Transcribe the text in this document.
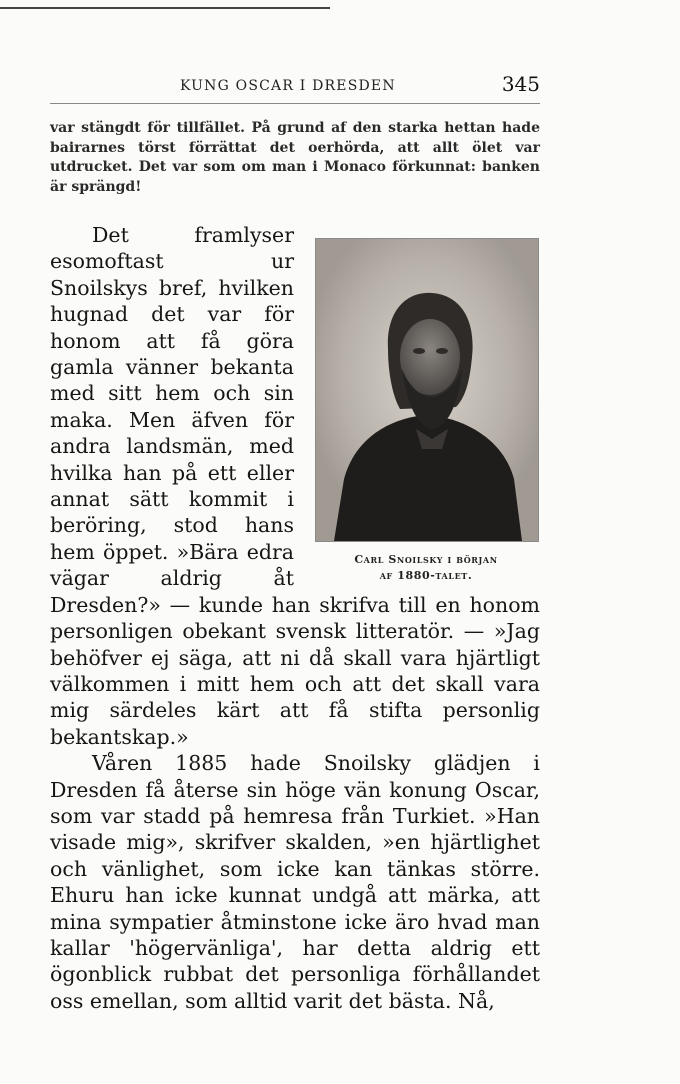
KUNG OSCAR I DRESDEN	345

var stängdt för tillfället. På grund af den starka hettan hade bairarnes törst förrättat det oerhörda, att allt ölet var utdrucket. Det var som om man i Monaco förkunnat: banken är sprängd!

Carl Snoilsky i början
af 1880-talet.

Det framlyser esomoftast ur Snoilskys bref, hvilken hugnad det var för honom att få göra gamla vänner bekanta med sitt hem och sin maka. Men äfven för andra landsmän, med hvilka han på ett eller annat sätt kommit i beröring, stod hans hem öppet. »Bära edra vägar aldrig åt Dresden?» — kunde han skrifva till en honom personligen obekant svensk litteratör. — »Jag behöfver ej säga, att ni då skall vara hjärtligt välkommen i mitt hem och att det skall vara mig särdeles kärt att få stifta personlig bekantskap.»

Våren 1885 hade Snoilsky glädjen i Dresden få återse sin höge vän konung Oscar, som var stadd på hemresa från Turkiet. »Han visade mig», skrifver skalden, »en hjärtlighet och vänlighet, som icke kan tänkas större. Ehuru han icke kunnat undgå att märka, att mina sympatier åtminstone icke äro hvad man kallar 'högervänliga', har detta aldrig ett ögonblick rubbat det personliga förhållandet oss emellan, som alltid varit det bästa. Nå,
